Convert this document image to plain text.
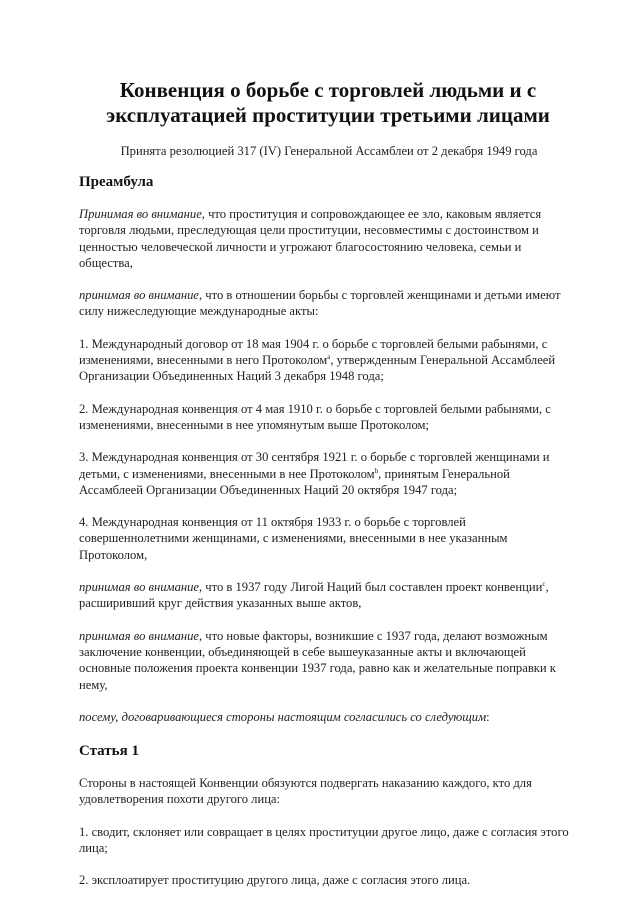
Конвенция о борьбе с торговлей людьми и с
эксплуатацией проституции третьими лицами

Принята резолюцией 317 (IV) Генеральной Ассамблеи от 2 декабря 1949 года

Преамбула

Принимая во внимание, что проституция и сопровождающее ее зло, каковым является торговля людьми, преследующая цели проституции, несовместимы с достоинством и ценностью человеческой личности и угрожают благосостоянию человека, семьи и общества,

принимая во внимание, что в отношении борьбы с торговлей женщинами и детьми имеют силу нижеследующие международные акты:

1. Международный договор от 18 мая 1904 г. о борьбе с торговлей белыми рабынями, с изменениями, внесенными в него Протоколом$^a$, утвержденным Генеральной Ассамблеей Организации Объединенных Наций 3 декабря 1948 года;

2. Международная конвенция от 4 мая 1910 г. о борьбе с торговлей белыми рабынями, с изменениями, внесенными в нее упомянутым выше Протоколом;

3. Международная конвенция от 30 сентября 1921 г. о борьбе с торговлей женщинами и детьми, с изменениями, внесенными в нее Протоколом$^b$, принятым Генеральной Ассамблеей Организации Объединенных Наций 20 октября 1947 года;

4. Международная конвенция от 11 октября 1933 г. о борьбе с торговлей совершеннолетними женщинами, с изменениями, внесенными в нее указанным Протоколом,

принимая во внимание, что в 1937 году Лигой Наций был составлен проект конвенции$^c$, расширивший круг действия указанных выше актов,

принимая во внимание, что новые факторы, возникшие с 1937 года, делают возможным заключение конвенции, объединяющей в себе вышеуказанные акты и включающей основные положения проекта конвенции 1937 года, равно как и желательные поправки к нему,

посему, договаривающиеся стороны настоящим согласились со следующим:

Статья 1

Стороны в настоящей Конвенции обязуются подвергать наказанию каждого, кто для удовлетворения похоти другого лица:

1. сводит, склоняет или совращает в целях проституции другое лицо, даже с согласия этого лица;

2. эксплоатирует проституцию другого лица, даже с согласия этого лица.
